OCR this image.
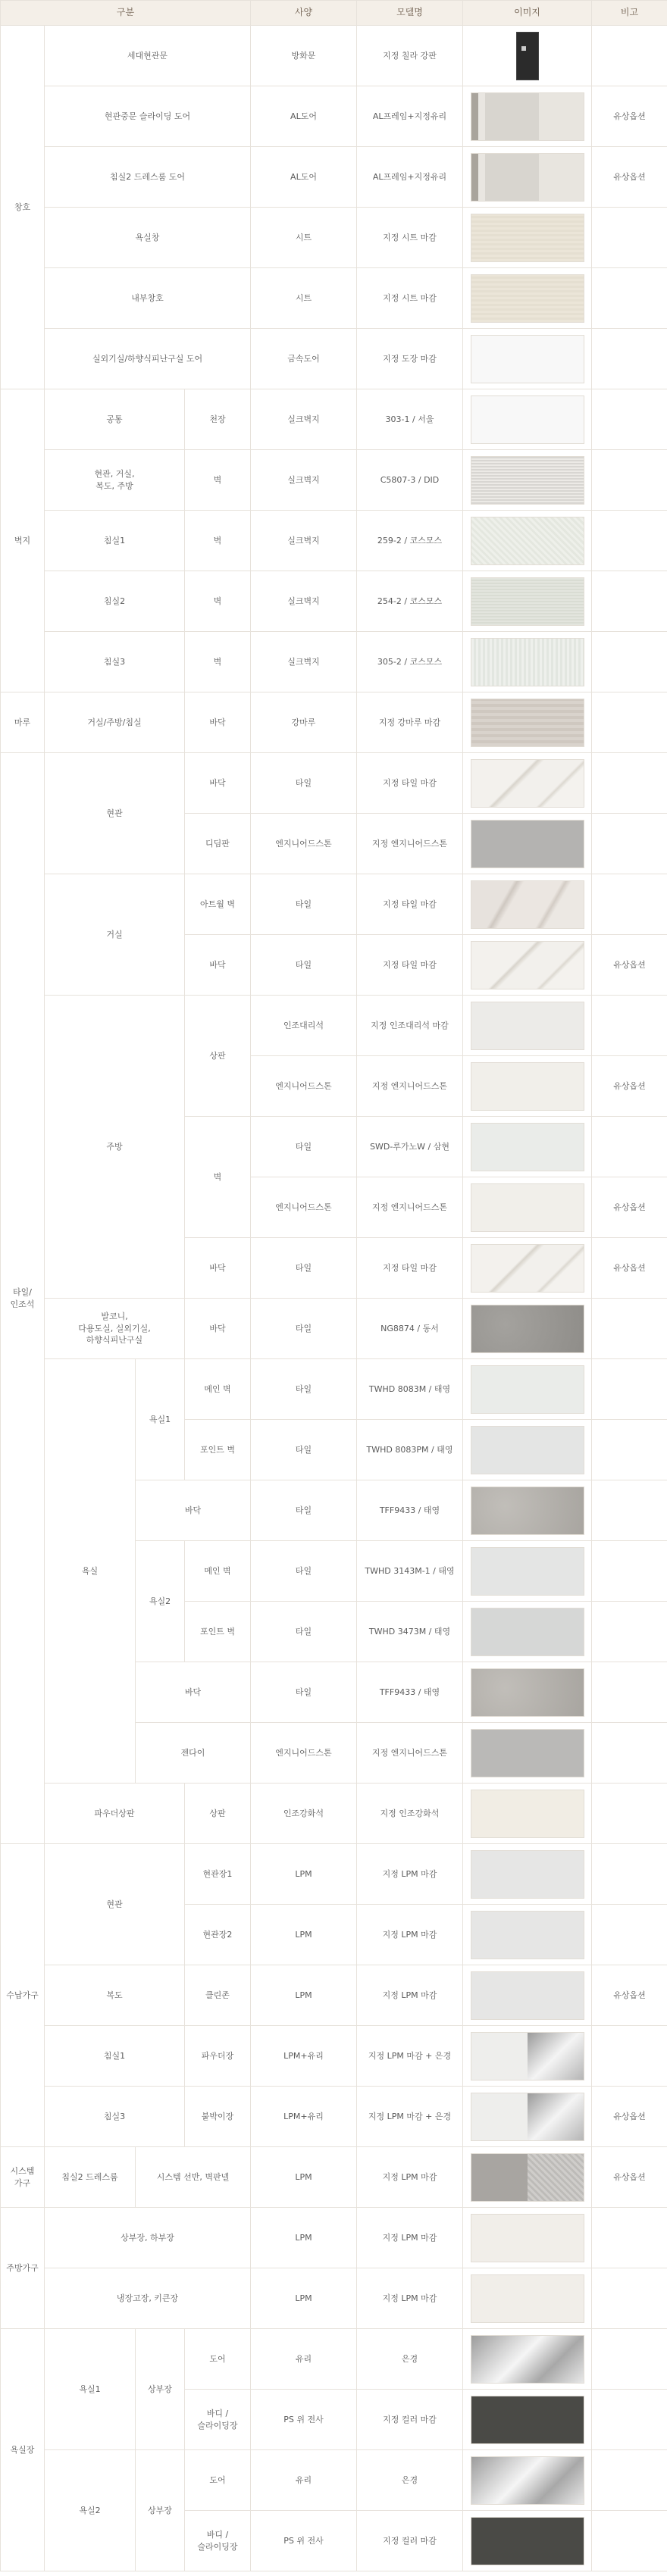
구분				사양	모델명	이미지	비고
창호	세대현관문			방화문	지정 칠라 강판	

	현관중문 슬라이딩 도어			AL도어	AL프레임+지정유리		유상옵션
	침실2 드레스룸 도어			AL도어	AL프레임+지정유리		유상옵션
	욕실창			시트	지정 시트 마감	

	내부창호			시트	지정 시트 마감	

	실외기실/하향식피난구실 도어			금속도어	지정 도장 마감	

벽지	공통		천장	실크벽지	303-1 / 서울	

	현관, 거실,
복도, 주방		벽	실크벽지	C5807-3 / DID	

	침실1		벽	실크벽지	259-2 / 코스모스	

	침실2		벽	실크벽지	254-2 / 코스모스	

	침실3		벽	실크벽지	305-2 / 코스모스	

마루	거실/주방/침실		바닥	강마루	지정 강마루 마감	

타일/
인조석	현관		바닥	타일	지정 타일 마감	

			디딤판	엔지니어드스톤	지정 엔지니어드스톤	

	거실		아트월 벽	타일	지정 타일 마감	

			바닥	타일	지정 타일 마감		유상옵션
	주방		상판	인조대리석	지정 인조대리석 마감	

				엔지니어드스톤	지정 엔지니어드스톤		유상옵션
			벽	타일	SWD-루가노W / 삼현	

				엔지니어드스톤	지정 엔지니어드스톤		유상옵션
			바닥	타일	지정 타일 마감		유상옵션
	발코니,
다용도실, 실외기실,
하향식피난구실		바닥	타일	NG8874 / 동서	

	욕실	욕실1	메인 벽	타일	TWHD 8083M / 태영	

			포인트 벽	타일	TWHD 8083PM / 태영	

		바닥		타일	TFF9433 / 태영	

		욕실2	메인 벽	타일	TWHD 3143M-1 / 태영	

			포인트 벽	타일	TWHD 3473M / 태영	

		바닥		타일	TFF9433 / 태영	

		젠다이		엔지니어드스톤	지정 엔지니어드스톤	

	파우더상판		상판	인조강화석	지정 인조강화석	

수납가구	현관		현관장1	LPM	지정 LPM 마감	

			현관장2	LPM	지정 LPM 마감	

	복도		클린존	LPM	지정 LPM 마감		유상옵션
	침실1		파우더장	LPM+유리	지정 LPM 마감 + 은경	

	침실3		붙박이장	LPM+유리	지정 LPM 마감 + 은경		유상옵션
시스템
가구	침실2 드레스룸	시스템 선반, 벽판넬		LPM	지정 LPM 마감		유상옵션
주방가구	상부장, 하부장			LPM	지정 LPM 마감	

	냉장고장, 키큰장			LPM	지정 LPM 마감	

욕실장	욕실1	상부장	도어	유리	은경	

			바디 /
슬라이딩장	PS 위 전사	지정 컬러 마감	

	욕실2	상부장	도어	유리	은경	

			바디 /
슬라이딩장	PS 위 전사	지정 컬러 마감	
